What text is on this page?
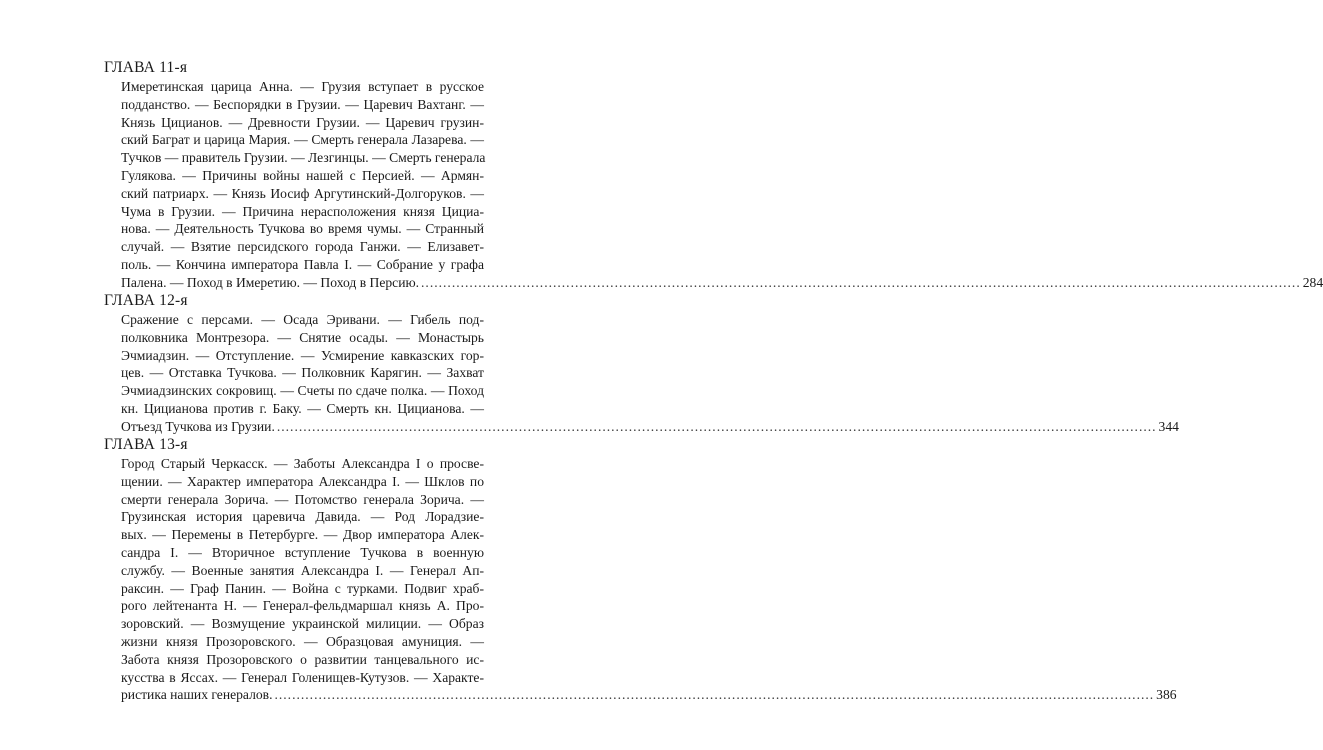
ГЛАВА 11-я
Имеретинская царица Анна. — Грузия вступает в русское
подданство. — Беспорядки в Грузии. — Царевич Вахтанг. —
Князь Цицианов. — Древности Грузии. — Царевич грузин-
ский Баграт и царица Мария. — Смерть генерала Лазарева. —
Тучков — правитель Грузии. — Лезгинцы. — Смерть генерала
Гулякова. — Причины войны нашей с Персией. — Армян-
ский патриарх. — Князь Иосиф Аргутинский-Долгоруков. —
Чума в Грузии. — Причина нерасположения князя Цициа-
нова. — Деятельность Тучкова во время чумы. — Странный
случай. — Взятие персидского города Ганжи. — Елизавет-
поль. — Кончина императора Павла I. — Собрание у графа
Палена. — Поход в Имеретию. — Поход в Персию. ........................................................................................................................................................................................................ 284
ГЛАВА 12-я
Сражение с персами. — Осада Эривани. — Гибель под-
полковника Монтрезора. — Снятие осады. — Монастырь
Эчмиадзин. — Отступление. — Усмирение кавказских гор-
цев. — Отставка Тучкова. — Полковник Карягин. — Захват
Эчмиадзинских сокровищ. — Счеты по сдаче полка. — Поход
кн. Цицианова против г. Баку. — Смерть кн. Цицианова. —
Отъезд Тучкова из Грузии. ........................................................................................................................................................................................................ 344
ГЛАВА 13-я
Город Старый Черкасск. — Заботы Александра I о просве-
щении. — Характер императора Александра I. — Шклов по
смерти генерала Зорича. — Потомство генерала Зорича. —
Грузинская история царевича Давида. — Род Лорадзие-
вых. — Перемены в Петербурге. — Двор императора Алек-
сандра I. — Вторичное вступление Тучкова в военную
службу. — Военные занятия Александра I. — Генерал Ап-
раксин. — Граф Панин. — Война с турками. Подвиг храб-
рого лейтенанта Н. — Генерал-фельдмаршал князь А. Про-
зоровский. — Возмущение украинской милиции. — Образ
жизни князя Прозоровского. — Образцовая амуниция. —
Забота князя Прозоровского о развитии танцевального ис-
кусства в Яссах. — Генерал Голенищев-Кутузов. — Характе-
ристика наших генералов. ........................................................................................................................................................................................................ 386
